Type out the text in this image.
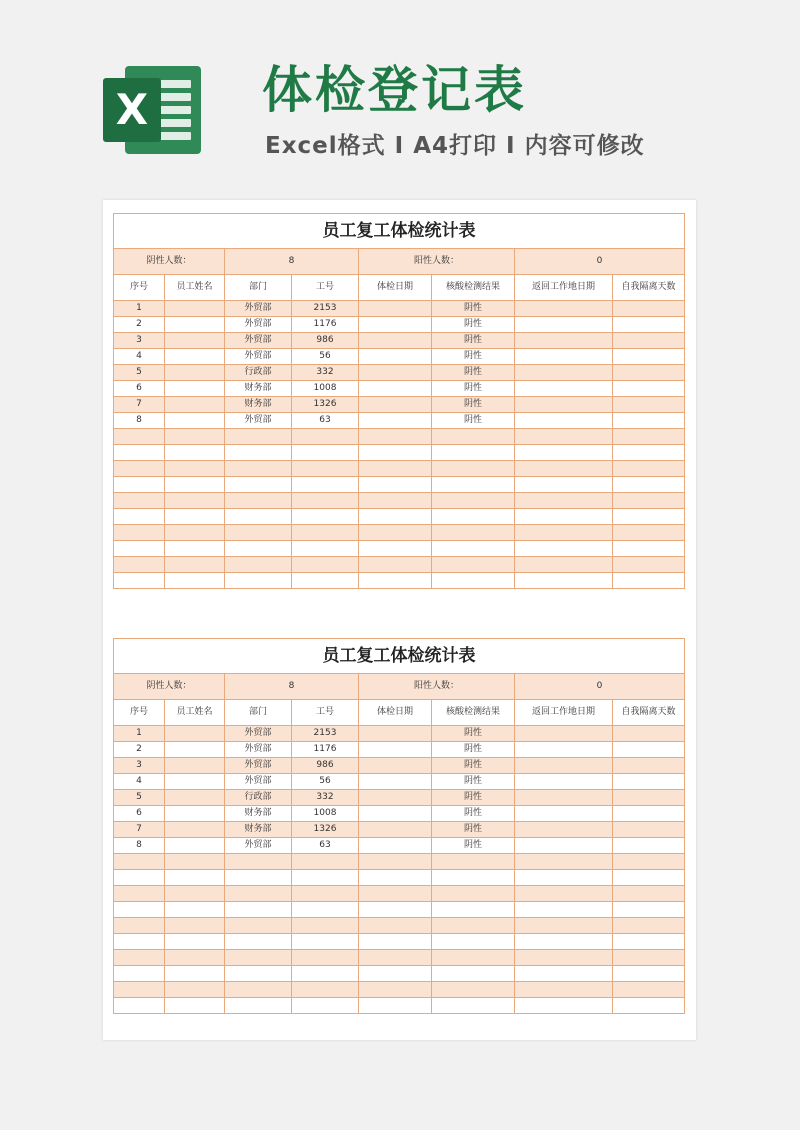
X 体检登记表
Excel格式 I A4打印 I 内容可修改
员工复工体检统计表							
阴性人数：		8		阳性人数：		0	
序号	员工姓名	部门	工号	体检日期	核酸检测结果	返回工作地日期	自我隔离天数
1		外贸部	2153		阴性		
2		外贸部	1176		阴性		
3		外贸部	986		阴性		
4		外贸部	56		阴性		
5		行政部	332		阴性		
6		财务部	1008		阴性		
7		财务部	1326		阴性		
8		外贸部	63		阴性		

员工复工体检统计表							
阴性人数：		8		阳性人数：		0	
序号	员工姓名	部门	工号	体检日期	核酸检测结果	返回工作地日期	自我隔离天数
1		外贸部	2153		阴性		
2		外贸部	1176		阴性		
3		外贸部	986		阴性		
4		外贸部	56		阴性		
5		行政部	332		阴性		
6		财务部	1008		阴性		
7		财务部	1326		阴性		
8		外贸部	63		阴性		
